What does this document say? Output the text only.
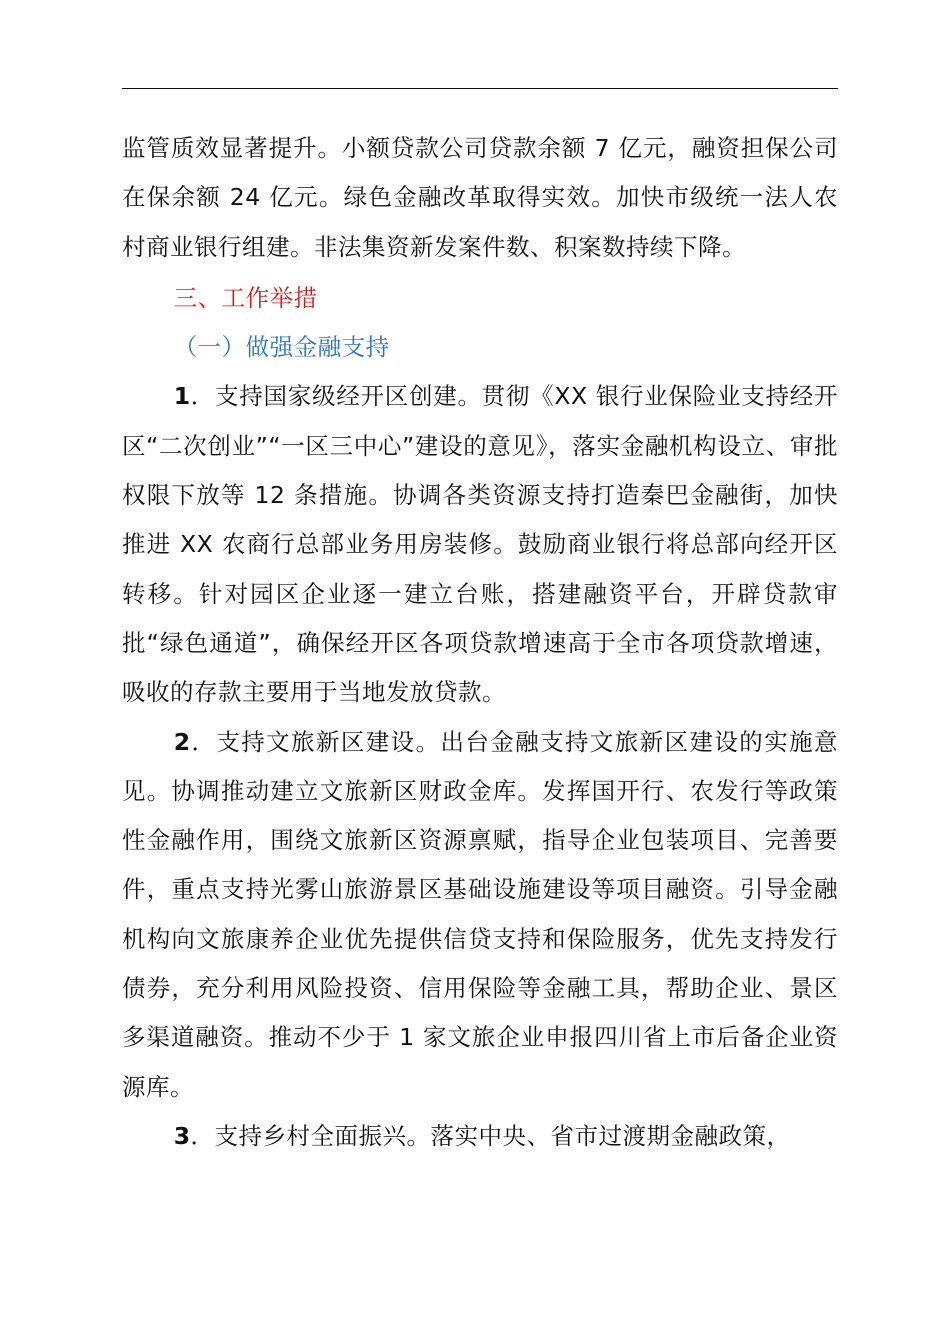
监管质效显著提升。小额贷款公司贷款余额 7 亿元，融资担保公司在保余额 24 亿元。绿色金融改革取得实效。加快市级统一法人农村商业银行组建。非法集资新发案件数、积案数持续下降。

三、工作举措

（一）做强金融支持

1．支持国家级经开区创建。贯彻《XX 银行业保险业支持经开区“二次创业”“一区三中心”建设的意见》，落实金融机构设立、审批权限下放等 12 条措施。协调各类资源支持打造秦巴金融街，加快推进 XX 农商行总部业务用房装修。鼓励商业银行将总部向经开区转移。针对园区企业逐一建立台账，搭建融资平台，开辟贷款审批“绿色通道”，确保经开区各项贷款增速高于全市各项贷款增速，吸收的存款主要用于当地发放贷款。

2．支持文旅新区建设。出台金融支持文旅新区建设的实施意见。协调推动建立文旅新区财政金库。发挥国开行、农发行等政策性金融作用，围绕文旅新区资源禀赋，指导企业包装项目、完善要件，重点支持光雾山旅游景区基础设施建设等项目融资。引导金融机构向文旅康养企业优先提供信贷支持和保险服务，优先支持发行债券，充分利用风险投资、信用保险等金融工具，帮助企业、景区多渠道融资。推动不少于 1 家文旅企业申报四川省上市后备企业资源库。

3．支持乡村全面振兴。落实中央、省市过渡期金融政策，
